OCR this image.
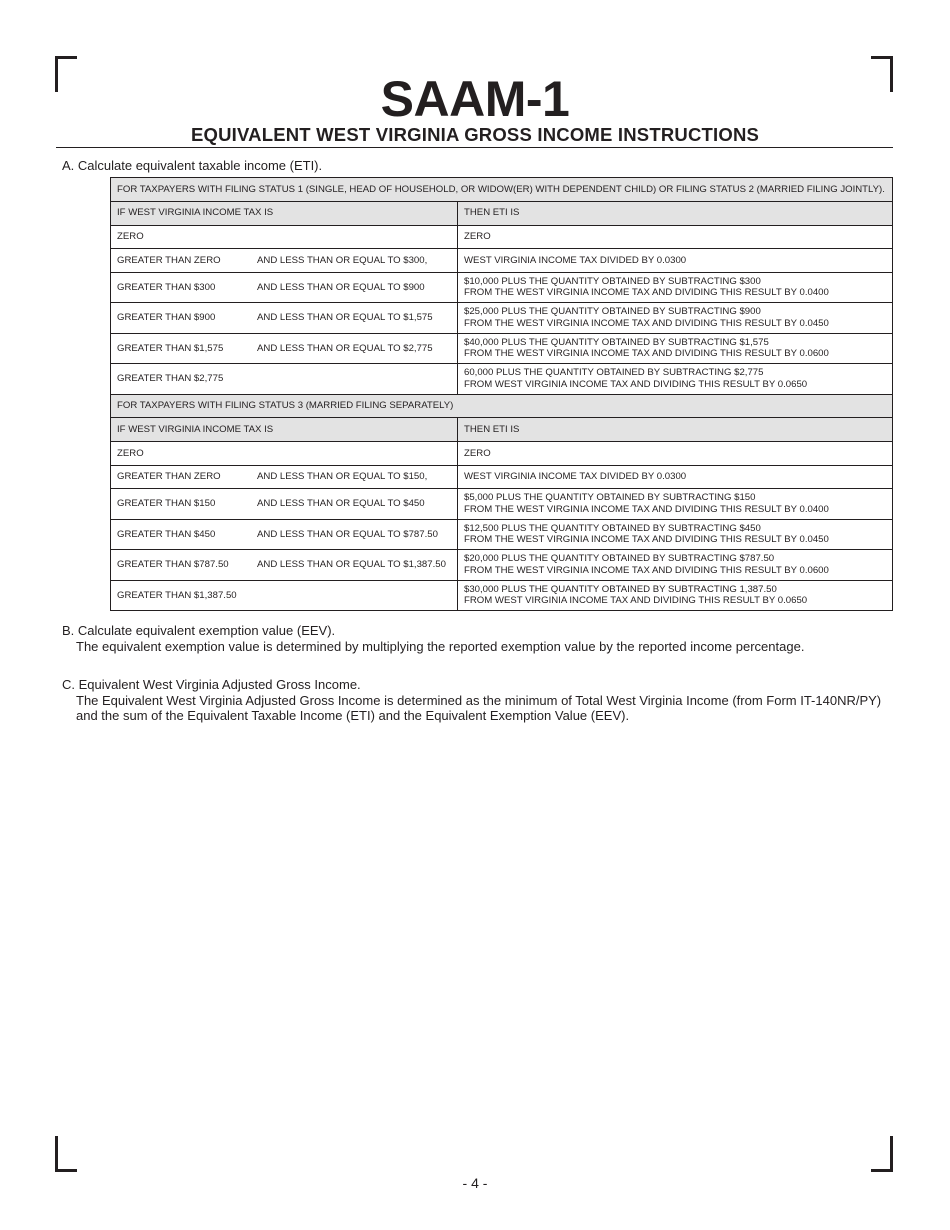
SAAM-1
EQUIVALENT WEST VIRGINIA GROSS INCOME INSTRUCTIONS
A. Calculate equivalent taxable income (ETI).
FOR TAXPAYERS WITH FILING STATUS 1 (SINGLE, HEAD OF HOUSEHOLD, OR WIDOW(ER) WITH DEPENDENT CHILD) OR FILING STATUS 2 (MARRIED FILING JOINTLY).	
IF WEST VIRGINIA INCOME TAX IS	THEN ETI IS
ZERO	ZERO

GREATER THAN ZERO AND LESS THAN OR EQUAL TO $300,	WEST VIRGINIA INCOME TAX DIVIDED BY 0.0300

GREATER THAN $300 AND LESS THAN OR EQUAL TO $900	$10,000 PLUS THE QUANTITY OBTAINED BY SUBTRACTING $300
FROM THE WEST VIRGINIA INCOME TAX AND DIVIDING THIS RESULT BY 0.0400

GREATER THAN $900 AND LESS THAN OR EQUAL TO $1,575	$25,000 PLUS THE QUANTITY OBTAINED BY SUBTRACTING $900
FROM THE WEST VIRGINIA INCOME TAX AND DIVIDING THIS RESULT BY 0.0450

GREATER THAN $1,575 AND LESS THAN OR EQUAL TO $2,775	$40,000 PLUS THE QUANTITY OBTAINED BY SUBTRACTING $1,575
FROM THE WEST VIRGINIA INCOME TAX AND DIVIDING THIS RESULT BY 0.0600

GREATER THAN $2,775	60,000 PLUS THE QUANTITY OBTAINED BY SUBTRACTING $2,775
FROM WEST VIRGINIA INCOME TAX AND DIVIDING THIS RESULT BY 0.0650

FOR TAXPAYERS WITH FILING STATUS 3 (MARRIED FILING SEPARATELY)	
IF WEST VIRGINIA INCOME TAX IS	THEN ETI IS
ZERO	ZERO

GREATER THAN ZERO AND LESS THAN OR EQUAL TO $150,	WEST VIRGINIA INCOME TAX DIVIDED BY 0.0300

GREATER THAN $150 AND LESS THAN OR EQUAL TO $450	$5,000 PLUS THE QUANTITY OBTAINED BY SUBTRACTING $150
FROM THE WEST VIRGINIA INCOME TAX AND DIVIDING THIS RESULT BY 0.0400

GREATER THAN $450 AND LESS THAN OR EQUAL TO $787.50	$12,500 PLUS THE QUANTITY OBTAINED BY SUBTRACTING $450
FROM THE WEST VIRGINIA INCOME TAX AND DIVIDING THIS RESULT BY 0.0450

GREATER THAN $787.50 AND LESS THAN OR EQUAL TO $1,387.50	$20,000 PLUS THE QUANTITY OBTAINED BY SUBTRACTING $787.50
FROM THE WEST VIRGINIA INCOME TAX AND DIVIDING THIS RESULT BY 0.0600

GREATER THAN $1,387.50	$30,000 PLUS THE QUANTITY OBTAINED BY SUBTRACTING 1,387.50
FROM WEST VIRGINIA INCOME TAX AND DIVIDING THIS RESULT BY 0.0650
B. Calculate equivalent exemption value (EEV).
The equivalent exemption value is determined by multiplying the reported exemption value by the reported income percentage.
C. Equivalent West Virginia Adjusted Gross Income.
The Equivalent West Virginia Adjusted Gross Income is determined as the minimum of Total West Virginia Income (from Form IT-140NR/PY) and the sum of the Equivalent Taxable Income (ETI) and the Equivalent Exemption Value (EEV).
- 4 -
